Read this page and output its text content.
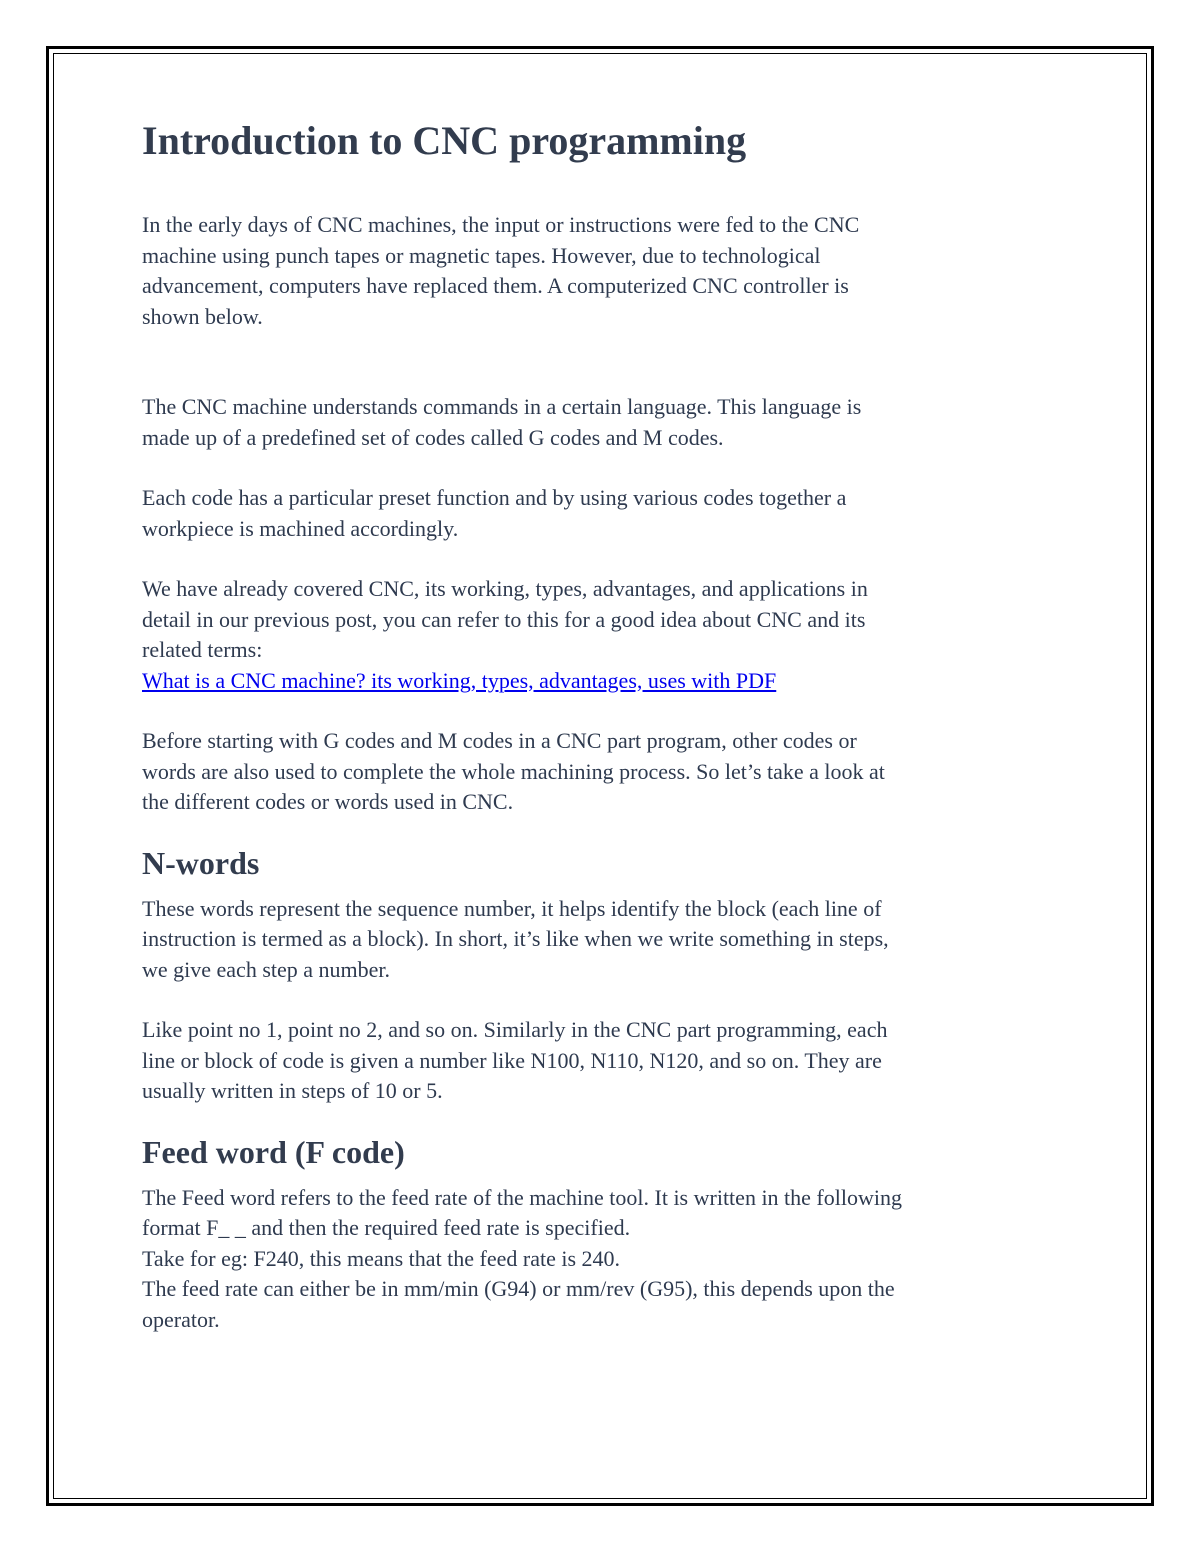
Introduction to CNC programming

In the early days of CNC machines, the input or instructions were fed to the CNC
machine using punch tapes or magnetic tapes. However, due to technological
advancement, computers have replaced them. A computerized CNC controller is
shown below.

The CNC machine understands commands in a certain language. This language is
made up of a predefined set of codes called G codes and M codes.

Each code has a particular preset function and by using various codes together a
workpiece is machined accordingly.

We have already covered CNC, its working, types, advantages, and applications in
detail in our previous post, you can refer to this for a good idea about CNC and its
related terms:
What is a CNC machine? its working, types, advantages, uses with PDF

Before starting with G codes and M codes in a CNC part program, other codes or
words are also used to complete the whole machining process. So let’s take a look at
the different codes or words used in CNC.

N-words

These words represent the sequence number, it helps identify the block (each line of
instruction is termed as a block). In short, it’s like when we write something in steps,
we give each step a number.

Like point no 1, point no 2, and so on. Similarly in the CNC part programming, each
line or block of code is given a number like N100, N110, N120, and so on. They are
usually written in steps of 10 or 5.

Feed word (F code)

The Feed word refers to the feed rate of the machine tool. It is written in the following
format F_ _ and then the required feed rate is specified.
Take for eg: F240, this means that the feed rate is 240.
The feed rate can either be in mm/min (G94) or mm/rev (G95), this depends upon the
operator.
